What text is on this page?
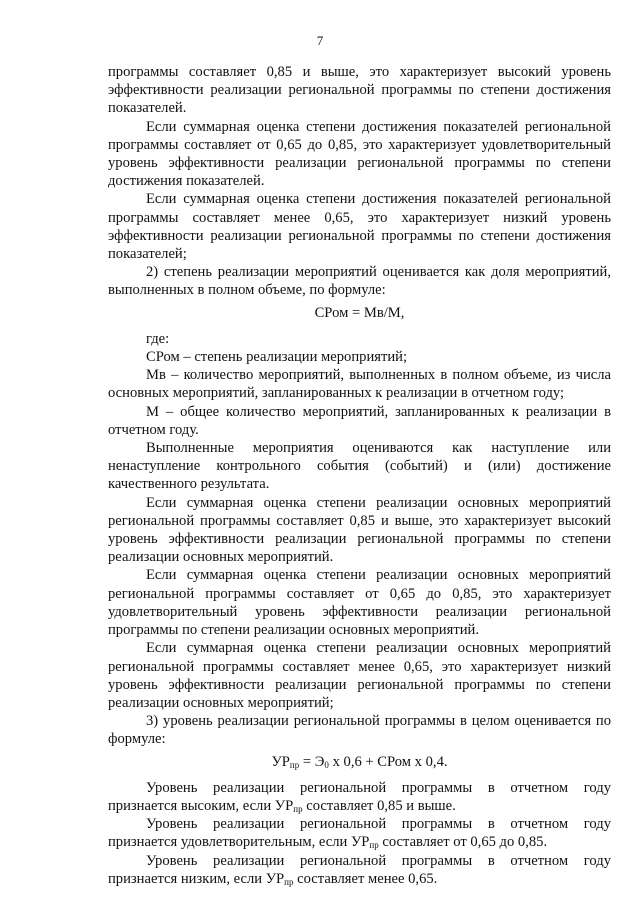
7

программы составляет 0,85 и выше, это характеризует высокий уровень эффективности реализации региональной программы по степени достижения показателей.

Если суммарная оценка степени достижения показателей региональной программы составляет от 0,65 до 0,85, это характеризует удовлетворительный уровень эффективности реализации региональной программы по степени достижения показателей.

Если суммарная оценка степени достижения показателей региональной программы составляет менее 0,65, это характеризует низкий уровень эффективности реализации региональной программы по степени достижения показателей;

2) степень реализации мероприятий оценивается как доля мероприятий, выполненных в полном объеме, по формуле:

СРом = Мв/М,

где:

СРом – степень реализации мероприятий;

Мв – количество мероприятий, выполненных в полном объеме, из числа основных мероприятий, запланированных к реализации в отчетном году;

М – общее количество мероприятий, запланированных к реализации в отчетном году.

Выполненные мероприятия оцениваются как наступление или ненаступление контрольного события (событий) и (или) достижение качественного результата.

Если суммарная оценка степени реализации основных мероприятий региональной программы составляет 0,85 и выше, это характеризует высокий уровень эффективности реализации региональной программы по степени реализации основных мероприятий.

Если суммарная оценка степени реализации основных мероприятий региональной программы составляет от 0,65 до 0,85, это характеризует удовлетворительный уровень эффективности реализации региональной программы по степени реализации основных мероприятий.

Если суммарная оценка степени реализации основных мероприятий региональной программы составляет менее 0,65, это характеризует низкий уровень эффективности реализации региональной программы по степени реализации основных мероприятий;

3) уровень реализации региональной программы в целом оценивается по формуле:

$УР_{пр} = Э_0$ х 0,6 + СРом х 0,4.

Уровень реализации региональной программы в отчетном году признается высоким, если $УР_{пр}$ составляет 0,85 и выше.

Уровень реализации региональной программы в отчетном году признается удовлетворительным, если $УР_{пр}$ составляет от 0,65 до 0,85.

Уровень реализации региональной программы в отчетном году признается низким, если $УР_{пр}$ составляет менее 0,65.
